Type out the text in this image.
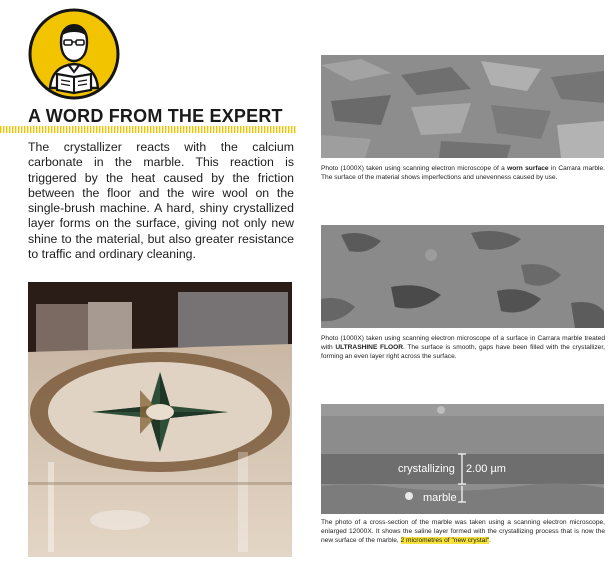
A WORD FROM THE EXPERT

The crystallizer reacts with the calcium carbonate in the marble. This reaction is triggered by the heat caused by the friction between the floor and the wire wool on the single-brush machine. A hard, shiny crystallized layer forms on the surface, giving not only new shine to the material, but also greater resistance to traffic and ordinary cleaning.

Photo (1000X) taken using scanning electron microscope of a worn surface in Carrara marble. The surface of the material shows imperfections and unevenness caused by use.

Photo (1000X) taken using scanning electron microscope of a surface in Carrara marble treated with ULTRASHINE FLOOR. The surface is smooth, gaps have been filled with the crystallizer, forming an even layer right across the surface.

crystallizing 2.00 µm
marble

The photo of a cross-section of the marble was taken using a scanning electron microscope, enlarged 12000X. It shows the saline layer formed with the crystallizing process that is now the new surface of the marble, 2 micrometres of "new crystal".
